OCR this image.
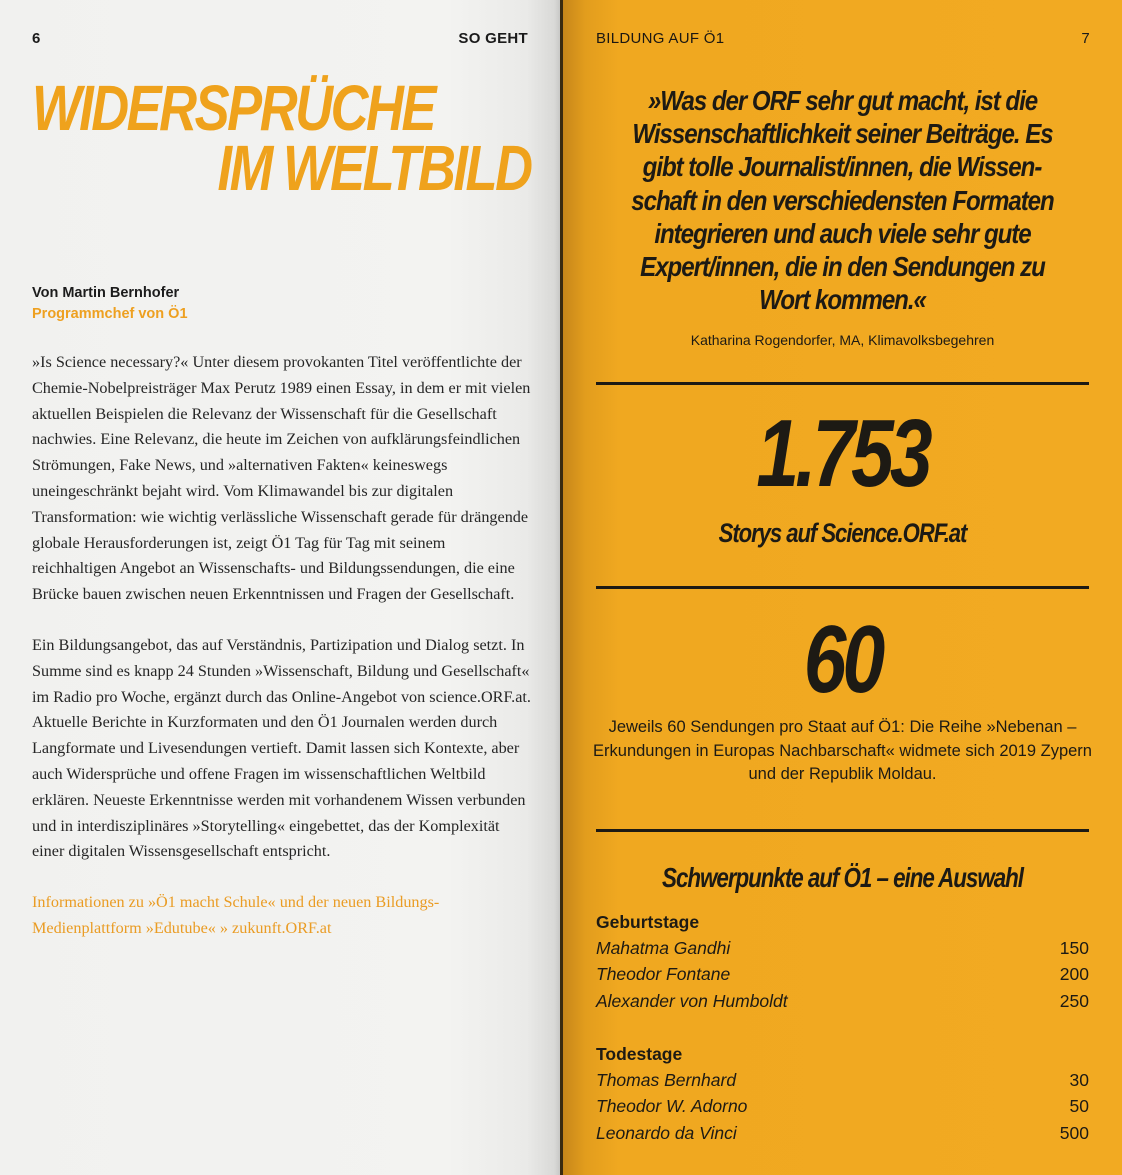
6	SO GEHT
WIDERSPRÜCHE
IM WELTBILD
Von Martin Bernhofer
Programmchef von Ö1

»Is Science necessary?« Unter diesem provokanten Titel veröffentlichte der Chemie-Nobelpreisträger Max Perutz 1989 einen Essay, in dem er mit vielen aktuellen Beispielen die Relevanz der Wissenschaft für die Gesellschaft nachwies. Eine Relevanz, die heute im Zeichen von aufklärungsfeindlichen Strömungen, Fake News, und »alternativen Fakten« keineswegs uneingeschränkt bejaht wird. Vom Klimawandel bis zur digitalen Transformation: wie wichtig verlässliche Wissenschaft gerade für drängende globale Herausforderungen ist, zeigt Ö1 Tag für Tag mit seinem reichhaltigen Angebot an Wissenschafts- und Bildungssendungen, die eine Brücke bauen zwischen neuen Erkenntnissen und Fragen der Gesellschaft.

Ein Bildungsangebot, das auf Verständnis, Partizipation und Dialog setzt. In Summe sind es knapp 24 Stunden »Wissenschaft, Bildung und Gesellschaft« im Radio pro Woche, ergänzt durch das Online-Angebot von science.ORF.at. Aktuelle Berichte in Kurzformaten und den Ö1 Journalen werden durch Langformate und Livesendungen vertieft. Damit lassen sich Kontexte, aber auch Widersprüche und offene Fragen im wissenschaftlichen Weltbild erklären. Neueste Erkenntnisse werden mit vorhandenem Wissen verbunden und in interdisziplinäres »Storytelling« eingebettet, das der Komplexität einer digitalen Wissensgesellschaft entspricht.

Informationen zu »Ö1 macht Schule« und der neuen Bildungs-Medienplattform »Edutube« » zukunft.ORF.at

BILDUNG AUF Ö1	7
»Was der ORF sehr gut macht, ist die Wissenschaftlichkeit seiner Beiträge. Es gibt tolle Journalist/innen, die Wissenschaft in den verschiedensten Formaten integrieren und auch viele sehr gute Expert/innen, die in den Sendungen zu Wort kommen.«
Katharina Rogendorfer, MA, Klimavolksbegehren
1.753
Storys auf Science.ORF.at
60
Jeweils 60 Sendungen pro Staat auf Ö1: Die Reihe »Nebenan – Erkundungen in Europas Nachbarschaft« widmete sich 2019 Zypern und der Republik Moldau.
Schwerpunkte auf Ö1 – eine Auswahl
Geburtstage
Mahatma Gandhi	150
Theodor Fontane	200
Alexander von Humboldt	250
Todestage
Thomas Bernhard	30
Theodor W. Adorno	50
Leonardo da Vinci	500
